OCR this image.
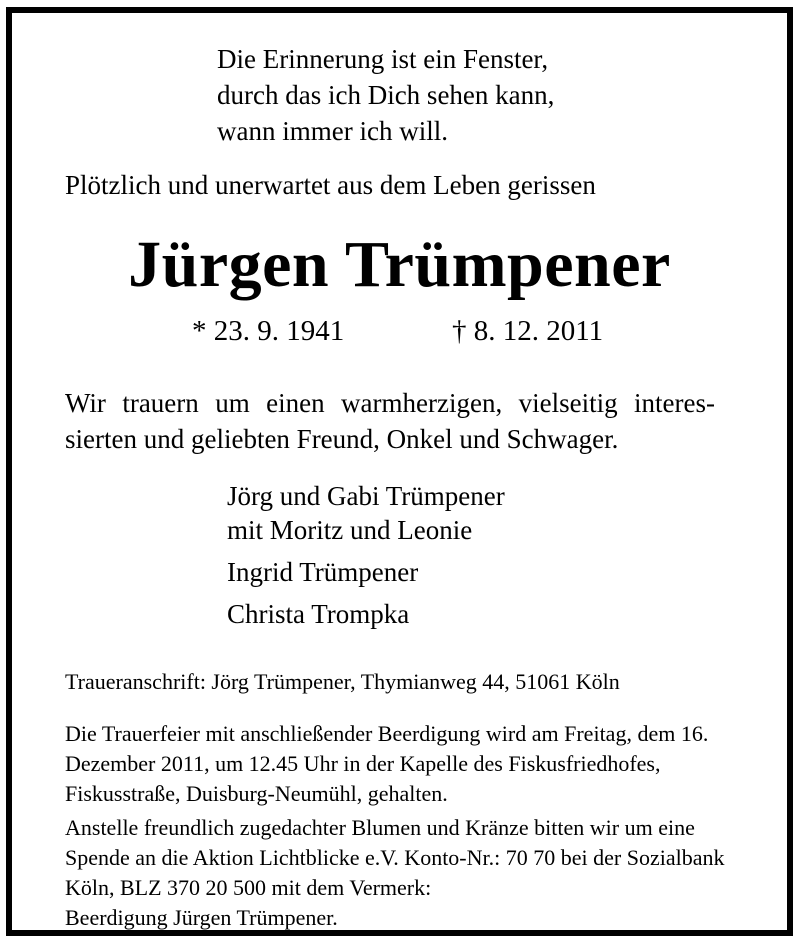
Die Erinnerung ist ein Fenster,
durch das ich Dich sehen kann,
wann immer ich will.
Plötzlich und unerwartet aus dem Leben gerissen
Jürgen Trümpener
* 23. 9. 1941	† 8. 12. 2011
Wir trauern um einen warmherzigen, vielseitig interes-
sierten und geliebten Freund, Onkel und Schwager.
Jörg und Gabi Trümpener
mit Moritz und Leonie
Ingrid Trümpener
Christa Trompka
Traueranschrift: Jörg Trümpener, Thymianweg 44, 51061 Köln
Die Trauerfeier mit anschließender Beerdigung wird am Freitag, dem 16. Dezember 2011, um 12.45 Uhr in der Kapelle des Fiskusfriedhofes, Fiskusstraße, Duisburg-Neumühl, gehalten.
Anstelle freundlich zugedachter Blumen und Kränze bitten wir um eine Spende an die Aktion Lichtblicke e.V. Konto-Nr.: 70 70 bei der Sozialbank Köln, BLZ 370 20 500 mit dem Vermerk:
Beerdigung Jürgen Trümpener.
